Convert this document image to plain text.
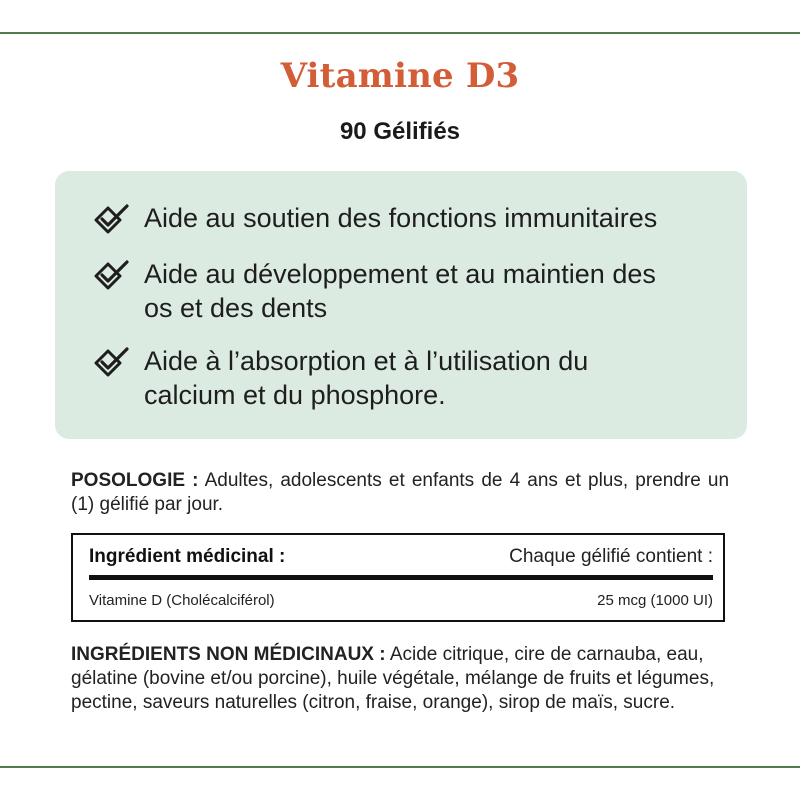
Vitamine D3
90 Gélifiés
Aide au soutien des fonctions immunitaires
Aide au développement et au maintien des os et des dents
Aide à l’absorption et à l’utilisation du calcium et du phosphore.
POSOLOGIE : Adultes, adolescents et enfants de 4 ans et plus, prendre un (1) gélifié par jour.
Ingrédient médicinal :	Chaque gélifié contient :
Vitamine D (Cholécalciférol)	25 mcg (1000 UI)
INGRÉDIENTS NON MÉDICINAUX : Acide citrique, cire de carnauba, eau, gélatine (bovine et/ou porcine), huile végétale, mélange de fruits et légumes, pectine, saveurs naturelles (citron, fraise, orange), sirop de maïs, sucre.
